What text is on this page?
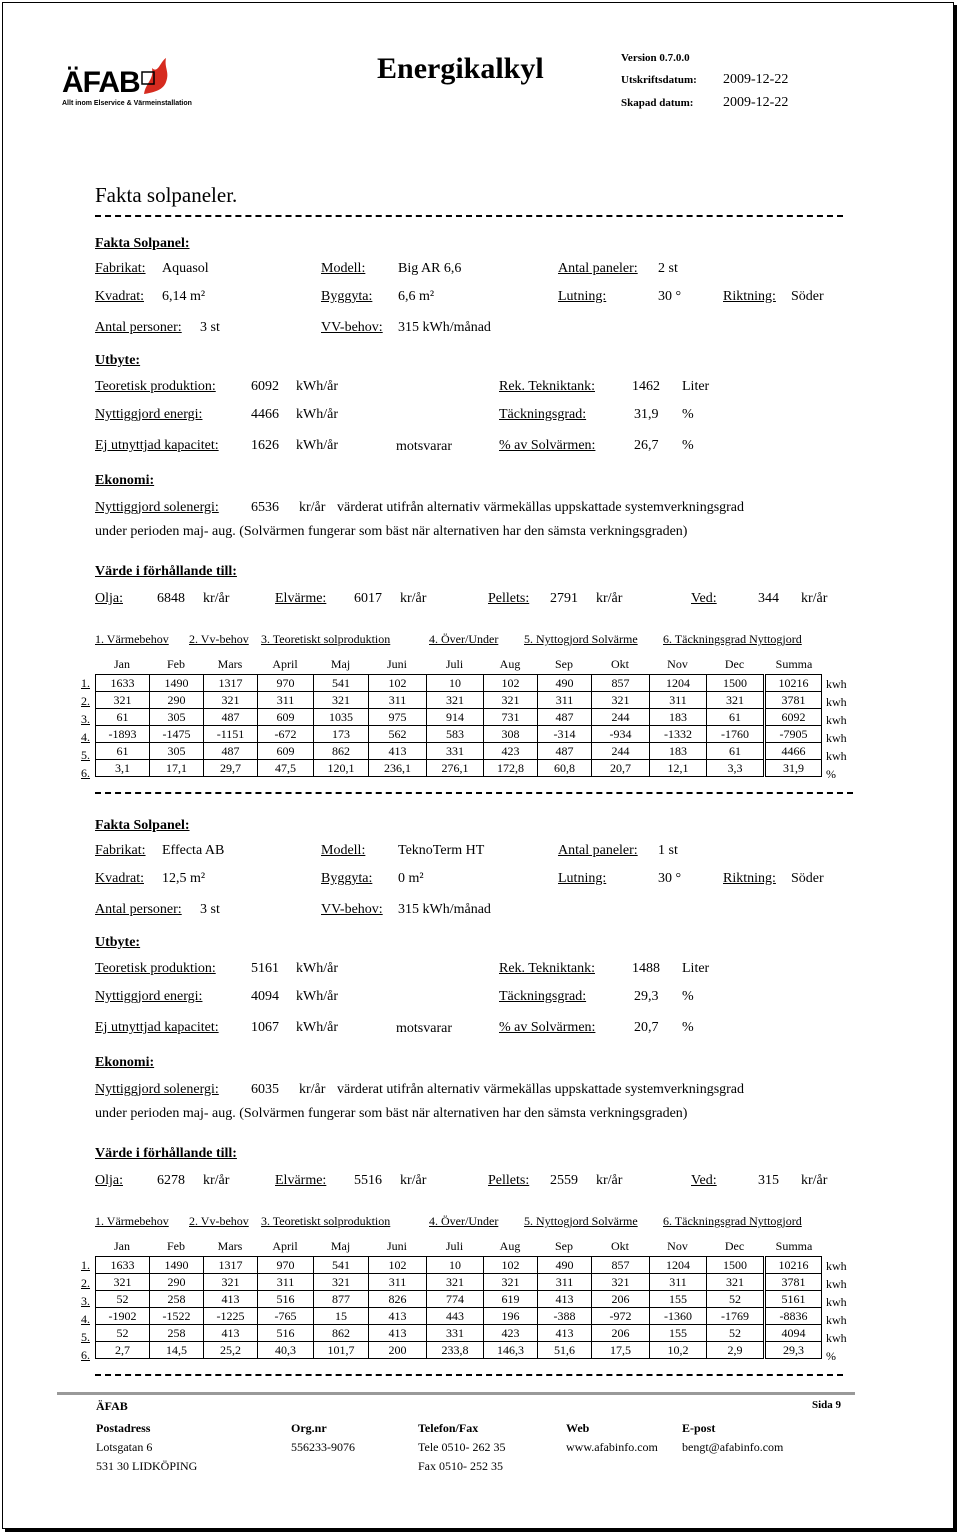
ÄFAB
Allt inom Elservice & Värmeinstallation
Energikalkyl	Version 0.7.0.0
Utskriftsdatum: 2009-12-22
Skapad datum: 2009-12-22
Fakta solpaneler.
Fakta Solpanel:
Fabrikat: Aquasol	Modell: Big AR 6,6	Antal paneler: 2 st
Kvadrat: 6,14 m²	Byggyta: 6,6 m²	Lutning:	30 °	Riktning: Söder
Antal personer: 3 st	VV-behov: 315 kWh/månad
Utbyte:
Teoretisk produktion:	6092 kWh/år	Rek. Tekniktank:	1462 Liter
Nyttiggjord energi:	4466 kWh/år	Täckningsgrad:	31,9 %
Ej utnyttjad kapacitet: 1626 kWh/år	motsvarar	% av Solvärmen:	26,7 %
Ekonomi:
Nyttiggjord solenergi: 6536 kr/år värderat utifrån alternativ värmekällas uppskattade systemverkningsgrad
under perioden maj- aug. (Solvärmen fungerar som bäst när alternativen har den sämsta verkningsgraden)
Värde i förhållande till:
Olja: 6848 kr/år	Elvärme: 6017 kr/år	Pellets: 2791 kr/år	Ved:	344 kr/år
1. Värmebehov 2. Vv-behov 3. Teoretiskt solproduktion	4. Över/Under 5. Nyttogjord Solvärme 6. Täckningsgrad Nyttogjord
Jan	Feb	Mars	April	Maj	Juni	Juli	Aug	Sep	Okt	Nov	Dec	Summa
1633	1490	1317	970	541	102	10	102	490	857	1204	1500	10216
321	290	321	311	321	311	321	321	311	321	311	321	3781
61	305	487	609	1035	975	914	731	487	244	183	61	6092
-1893	-1475	-1151	-672	173	562	583	308	-314	-934	-1332	-1760	-7905
61	305	487	609	862	413	331	423	487	244	183	61	4466
3,1	17,1	29,7	47,5	120,1	236,1	276,1	172,8	60,8	20,7	12,1	3,3	31,9
1.	kwh
2.	kwh
3.	kwh
4.	kwh
5.	kwh
6.	%
Fakta Solpanel:
Fabrikat: Effecta AB	Modell: TeknoTerm HT	Antal paneler: 1 st
Kvadrat: 12,5 m²	Byggyta: 0 m²	Lutning:	30 °	Riktning: Söder
Antal personer: 3 st	VV-behov: 315 kWh/månad
Utbyte:
Teoretisk produktion:	5161 kWh/år	Rek. Tekniktank:	1488 Liter
Nyttiggjord energi:	4094 kWh/år	Täckningsgrad:	29,3 %
Ej utnyttjad kapacitet: 1067 kWh/år	motsvarar	% av Solvärmen:	20,7 %
Ekonomi:
Nyttiggjord solenergi: 6035 kr/år värderat utifrån alternativ värmekällas uppskattade systemverkningsgrad
under perioden maj- aug. (Solvärmen fungerar som bäst när alternativen har den sämsta verkningsgraden)
Värde i förhållande till:
Olja: 6278 kr/år	Elvärme: 5516 kr/år	Pellets: 2559 kr/år	Ved:	315 kr/år
1. Värmebehov 2. Vv-behov 3. Teoretiskt solproduktion	4. Över/Under 5. Nyttogjord Solvärme 6. Täckningsgrad Nyttogjord
Jan	Feb	Mars	April	Maj	Juni	Juli	Aug	Sep	Okt	Nov	Dec	Summa
1633	1490	1317	970	541	102	10	102	490	857	1204	1500	10216
321	290	321	311	321	311	321	321	311	321	311	321	3781
52	258	413	516	877	826	774	619	413	206	155	52	5161
-1902	-1522	-1225	-765	15	413	443	196	-388	-972	-1360	-1769	-8836
52	258	413	516	862	413	331	423	413	206	155	52	4094
2,7	14,5	25,2	40,3	101,7	200	233,8	146,3	51,6	17,5	10,2	2,9	29,3
1.	kwh
2.	kwh
3.	kwh
4.	kwh
5.	kwh
6.	%
ÄFAB	Sida 9
Postadress
Lotsgatan 6
531 30 LIDKÖPING
Org.nr
556233-9076
Telefon/Fax
Tele 0510- 262 35
Fax 0510- 252 35
Web
www.afabinfo.com
E-post
bengt@afabinfo.com
